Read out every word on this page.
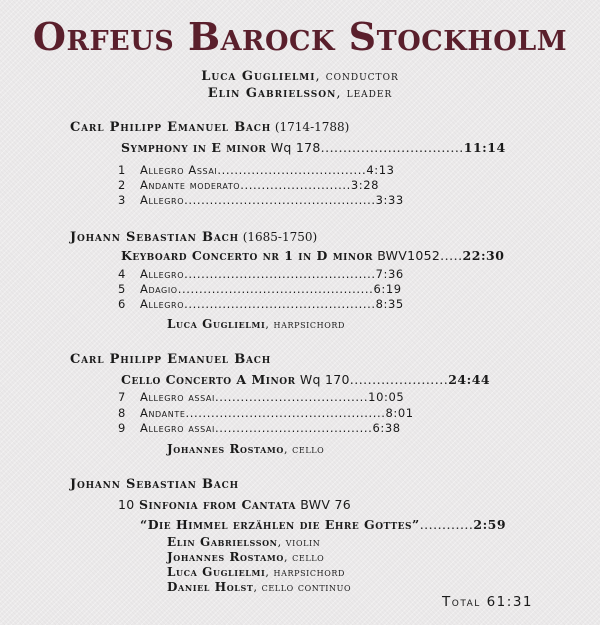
Orfeus Barock Stockholm
Luca Guglielmi, conductor
Elin Gabrielsson, leader
Carl Philipp Emanuel Bach (1714-1788)
Symphony in E minor Wq 178................................11:14
1 Allegro Assai...................................4:13
2 Andante moderato..........................3:28
3 Allegro.............................................3:33
Johann Sebastian Bach (1685-1750)
Keyboard Concerto nr 1 in D minor BWV1052.....22:30
4 Allegro.............................................7:36
5 Adagio..............................................6:19
6 Allegro.............................................8:35
Luca Guglielmi, harpsichord
Carl Philipp Emanuel Bach
Cello Concerto A Minor Wq 170......................24:44
7 Allegro assai....................................10:05
8 Andante...............................................8:01
9 Allegro assai.....................................6:38
Johannes Rostamo, cello
Johann Sebastian Bach
10 Sinfonia from Cantata BWV 76
“Die Himmel erzählen die Ehre Gottes”............2:59
Elin Gabrielsson, violin
Johannes Rostamo, cello
Luca Guglielmi, harpsichord
Daniel Holst, cello continuo
Total 61:31
